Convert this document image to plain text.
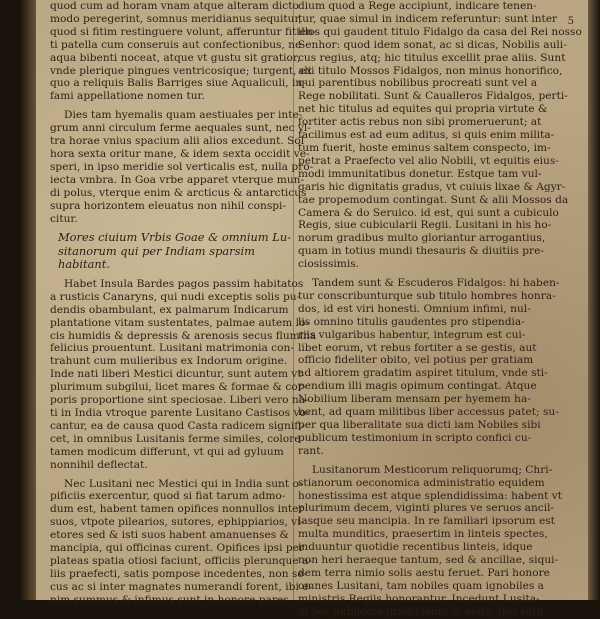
quod cum ad horam vnam atque alteram dicto
modo peregerint, somnus meridianus sequitur,
quod si fitim restinguere volunt, afferuntur fitien-
ti patella cum conseruis aut confectionibus, ne
aqua bibenti noceat, atque vt gustu sit gratior,
vnde plerique pingues ventricosique; turgent, ex
quo a reliquis Balis Barriges siue Aqualiculi, in-
fami appellatione nomen tur.
Dies tam hyemalis quam aestiuales per inte-
grum anni circulum ferme aequales sunt, nec vl-
tra horae vnius spacium alii alios excedunt. Sol
hora sexta oritur mane, & idem sexta occidit ve-
speri, in ipso meridie sol verticalis est, nulla pro-
iecta vmbra. In Goa vrbe apparet vterque mun-
di polus, vterque enim & arcticus & antarcticus
supra horizontem eleuatus non nihil conspi-
citur.
Mores ciuium Vrbis Goae & omnium Lu-
sitanorum qui per Indiam sparsim
habitant.
Habet Insula Bardes pagos passim habitatos
a rusticis Canaryns, qui nudi exceptis solis pu-
dendis obambulant, ex palmarum Indicarum
plantatione vitam sustentates, palmae autem lo-
cis humidis & depressis & arenosis secus flumina
felicius prouentunt. Lusitani matrimonia con-
trahunt cum mulieribus ex Indorum origine.
Inde nati liberi Mestici dicuntur, sunt autem vt
plurimum subgilui, licet mares & formae & cor-
poris proportione sint speciosae. Liberi vero na-
ti in India vtroque parente Lusitano Castisos vo-
cantur, ea de causa quod Casta radicem signifi-
cet, in omnibus Lusitanis ferme similes, colore
tamen modicum differunt, vt qui ad gyluum
nonnihil deflectat.
Nec Lusitani nec Mestici qui in India sunt o-
pificiis exercentur, quod si fiat tarum admo-
dum est, habent tamen opifices nonnullos inter
suos, vtpote pilearios, sutores, ephippiarios, vi-
etores sed & isti suos habent amanuenses &
mancipia, qui officinas curent. Opifices ipsi per
plateas spatia otiosi faciunt, officiis plerunque a-
liis praefecti, satis pompose incedentes, non se-
cus ac si inter magnates numerandi forent, ibi e-
nim summus & infimus sunt in honore pares,
dium quod a Rege accipiunt, indicare tenen-
tur, quae simul in indicem referuntur: sunt inter
illos qui gaudent titulo Fidalgo da casa del Rei nosso
Senhor: quod idem sonat, ac si dicas, Nobilis auli-
cus regius, atq; hic titulus excellit prae aliis. Sunt
alii titulo Mossos Fidalgos, non minus honorifico,
qui parentibus nobilibus procreati sunt vel a
Rege nobilitati. Sunt & Caualleros Fidalgos, perti-
net hic titulus ad equites qui propria virtute &
fortiter actis rebus non sibi promeruerunt; at
facilimus est ad eum aditus, si quis enim milita-
tum fuerit, hoste eminus saltem conspecto, im-
petrat a Praefecto vel alio Nobili, vt equitis eius-
modi immunitatibus donetur. Estque tam vul-
garis hic dignitatis gradus, vt cuiuis lixae & Agyr-
tae propemodum contingat. Sunt & alii Mossos da
Camera & do Seruico. id est, qui sunt a cubiculo
Regis, siue cubicularii Regii. Lusitani in his ho-
norum gradibus multo gloriantur arrogantius,
quam in totius mundi thesauris & diuitiis pre-
ciosissimis.
Tandem sunt & Escuderos Fidalgos: hi haben-
tur conscribunturque sub titulo hombres honra-
dos, id est viri honesti. Omnium infimi, nul-
lis omnino titulis gaudentes pro stipendia-
riis vulgaribus habentur, integrum est cui-
libet eorum, vt rebus fortiter a se gestis, aut
officio fideliter obito, vel potius per gratiam
ad altiorem gradatim aspiret titulum, vnde sti-
pendium illi magis opimum contingat. Atque
Nobilium liberam mensam per hyemem ha-
bent, ad quam militibus liber accessus patet; su-
per qua liberalitate sua dicti iam Nobiles sibi
publicum testimonium in scripto confici cu-
rant.
Lusitanorum Mesticorum reliquorumq; Chri-
stianorum oeconomica administratio equidem
honestissima est atque splendidissima: habent vt
plurimum decem, viginti plures ve seruos ancil-
lasque seu mancipia. In re familiari ipsorum est
multa munditics, praesertim in linteis spectes,
induuntur quotidie recentibus linteis, idque
non heri heraeque tantum, sed & ancillae, siqui-
dem terra nimio solis aestu feruet. Pari honore
omnes Lusitani, tam nobiles quam ignobiles a
ministris Regiis honorantur. Incedunt Lusita-
ni per publicum gradu lento & elato, ipsi satu
5
